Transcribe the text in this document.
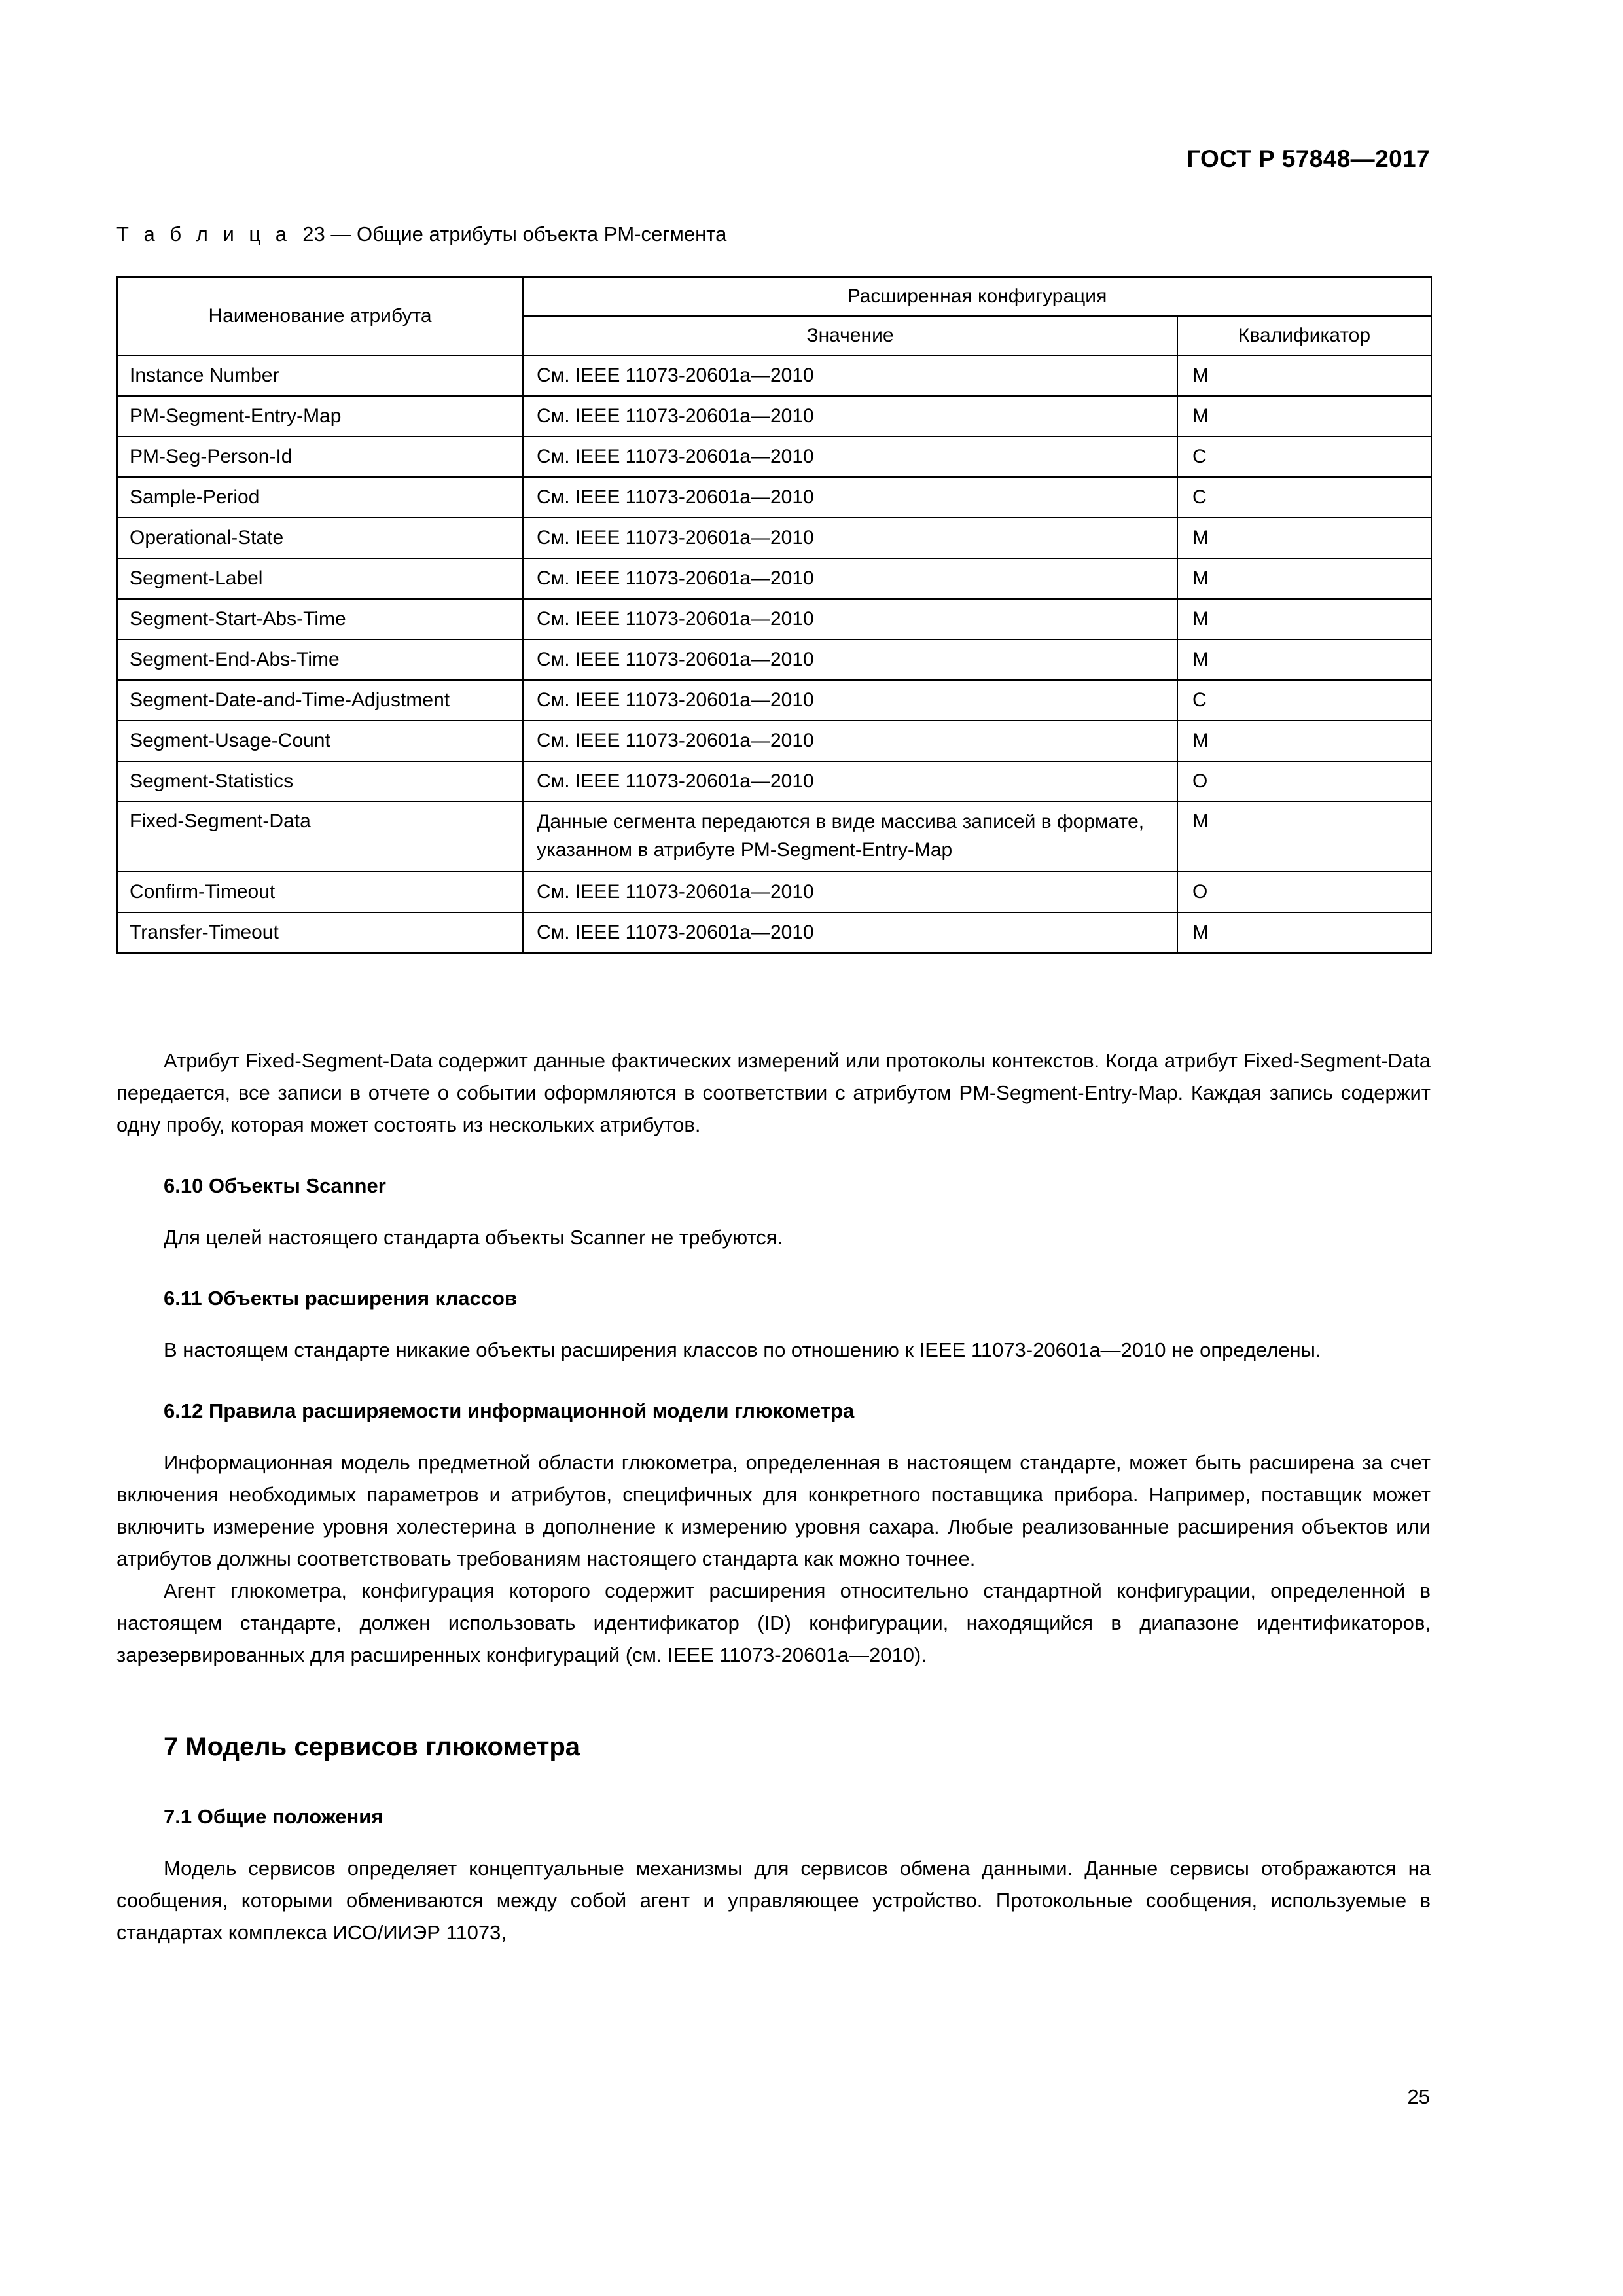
ГОСТ Р 57848—2017
Т а б л и ц а 23 — Общие атрибуты объекта PM-сегмента
Наименование атрибута	Расширенная конфигурация	

	Значение	Квалификатор

Instance Number	См. IEEE 11073-20601a—2010	M

PM-Segment-Entry-Map	См. IEEE 11073-20601a—2010	M

PM-Seg-Person-Id	См. IEEE 11073-20601a—2010	C

Sample-Period	См. IEEE 11073-20601a—2010	C

Operational-State	См. IEEE 11073-20601a—2010	M

Segment-Label	См. IEEE 11073-20601a—2010	M

Segment-Start-Abs-Time	См. IEEE 11073-20601a—2010	M

Segment-End-Abs-Time	См. IEEE 11073-20601a—2010	M

Segment-Date-and-Time-Adjustment	См. IEEE 11073-20601a—2010	C

Segment-Usage-Count	См. IEEE 11073-20601a—2010	M

Segment-Statistics	См. IEEE 11073-20601a—2010	O

Fixed-Segment-Data	Данные сегмента передаются в виде массива записей в формате, указанном в атрибуте PM-Segment-Entry-Map	M

Confirm-Timeout	См. IEEE 11073-20601a—2010	O

Transfer-Timeout	См. IEEE 11073-20601a—2010	M

Атрибут Fixed-Segment-Data содержит данные фактических измерений или протоколы контекстов. Когда атрибут Fixed-Segment-Data передается, все записи в отчете о событии оформляются в соответствии с атрибутом PM-Segment-Entry-Map. Каждая запись содержит одну пробу, которая может состоять из нескольких атрибутов.

6.10 Объекты Scanner

Для целей настоящего стандарта объекты Scanner не требуются.

6.11 Объекты расширения классов

В настоящем стандарте никакие объекты расширения классов по отношению к IEEE 11073-20601a—2010 не определены.

6.12 Правила расширяемости информационной модели глюкометра

Информационная модель предметной области глюкометра, определенная в настоящем стандарте, может быть расширена за счет включения необходимых параметров и атрибутов, специфичных для конкретного поставщика прибора. Например, поставщик может включить измерение уровня холестерина в дополнение к измерению уровня сахара. Любые реализованные расширения объектов или атрибутов должны соответствовать требованиям настоящего стандарта как можно точнее.

Агент глюкометра, конфигурация которого содержит расширения относительно стандартной конфигурации, определенной в настоящем стандарте, должен использовать идентификатор (ID) конфигурации, находящийся в диапазоне идентификаторов, зарезервированных для расширенных конфигураций (см. IEEE 11073-20601a—2010).

7 Модель сервисов глюкометра
7.1 Общие положения

Модель сервисов определяет концептуальные механизмы для сервисов обмена данными. Данные сервисы отображаются на сообщения, которыми обмениваются между собой агент и управляющее устройство. Протокольные сообщения, используемые в стандартах комплекса ИСО/ИИЭР 11073,

25
